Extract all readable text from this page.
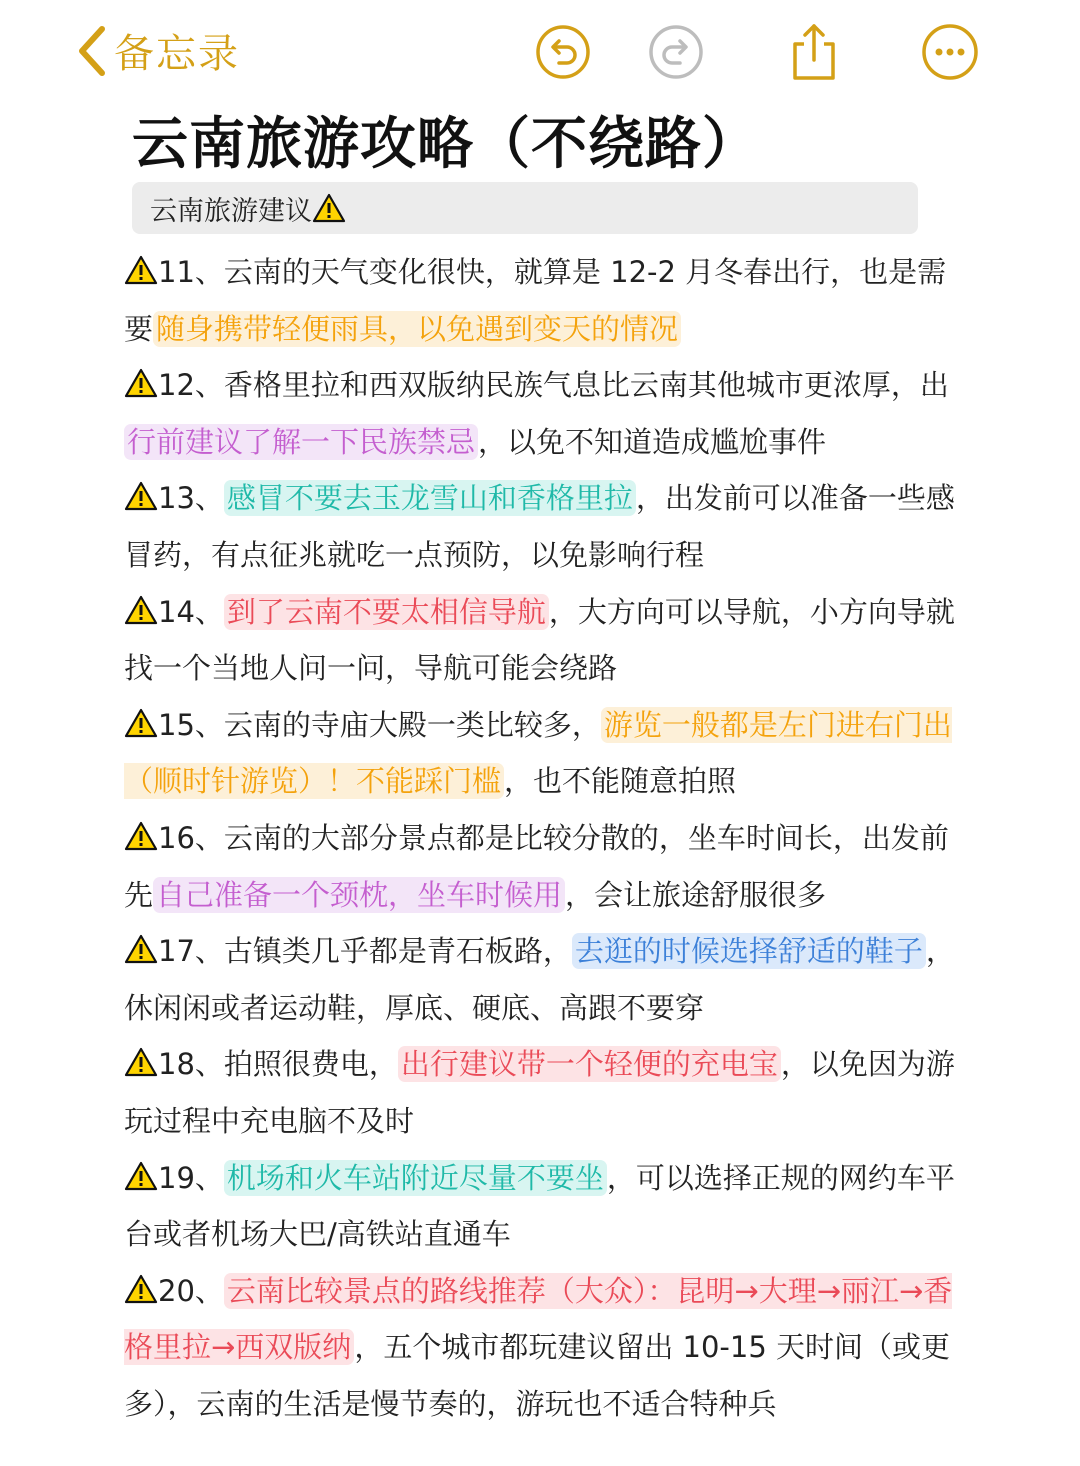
备忘录
云南旅游攻略（不绕路）
云南旅游建议

11、云南的天气变化很快，就算是 12-2 月冬春出行，也是需要 随身携带轻便雨具，以免遇到变天的情况

12、香格里拉和西双版纳民族气息比云南其他城市更浓厚，出行前建议了解一下民族禁忌 ，以免不知道造成尴尬事件

13、 感冒不要去玉龙雪山和香格里拉 ，出发前可以准备一些感冒药，有点征兆就吃一点预防，以免影响行程

14、 到了云南不要太相信导航 ，大方向可以导航，小方向导就找一个当地人问一问，导航可能会绕路

15、云南的寺庙大殿一类比较多， 游览一般都是左门进右门出（顺时针游览）！不能踩门槛 ，也不能随意拍照

16、云南的大部分景点都是比较分散的，坐车时间长，出发前先 自己准备一个颈枕，坐车时候用 ，会让旅途舒服很多

17、古镇类几乎都是青石板路， 去逛的时候选择舒适的鞋子 ，休闲闲或者运动鞋，厚底、硬底、高跟不要穿

18、拍照很费电， 出行建议带一个轻便的充电宝 ，以免因为游玩过程中充电脑不及时

19、 机场和火车站附近尽量不要坐 ，可以选择正规的网约车平台或者机场大巴/高铁站直通车

20、 云南比较景点的路线推荐（大众）：昆明→大理→丽江→香格里拉→西双版纳 ，五个城市都玩建议留出 10-15 天时间（或更多），云南的生活是慢节奏的，游玩也不适合特种兵
